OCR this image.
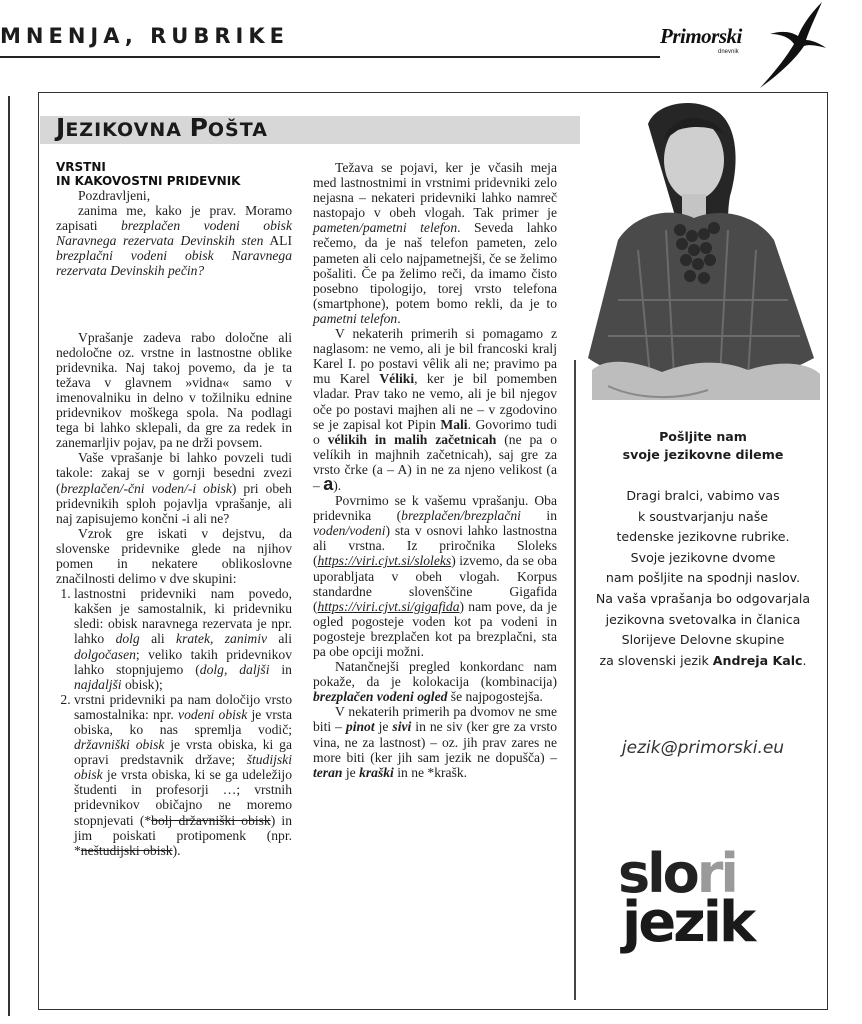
MNENJA, RUBRIKE	Primorski
dnevnik
JEZIKOVNA POŠTA
VRSTNI
IN KAKOVOSTNI PRIDEVNIK

Pozdravljeni,

zanima me, kako je prav. Moramo zapisati brezplačen vodeni obisk Naravnega rezervata Devinskih sten ALI brezplačni vodeni obisk Naravnega rezervata Devinskih pečin?

Vprašanje zadeva rabo določne ali nedoločne oz. vrstne in lastnostne oblike pridevnika. Naj takoj povemo, da je ta težava v glavnem »vidna« samo v imenovalniku in delno v tožilniku ednine pridevnikov moškega spola. Na podlagi tega bi lahko sklepali, da gre za redek in zanemarljiv pojav, pa ne drži povsem.

Vaše vprašanje bi lahko povzeli tudi takole: zakaj se v gornji besedni zvezi (brezplačen/-čni voden/-i obisk) pri obeh pridevnikih sploh pojavlja vprašanje, ali naj zapisujemo končni -i ali ne?

Vzrok gre iskati v dejstvu, da slovenske pridevnike glede na njihov pomen in nekatere oblikoslovne značilnosti delimo v dve skupini:

1. lastnostni pridevniki nam povedo, kakšen je samostalnik, ki pridevniku sledi: obisk naravnega rezervata je npr. lahko dolg ali kratek, zanimiv ali dolgočasen; veliko takih pridevnikov lahko stopnjujemo (dolg, daljši in najdaljši obisk);
2. vrstni pridevniki pa nam določijo vrsto samostalnika: npr. vodeni obisk je vrsta obiska, ko nas spremlja vodič; državniški obisk je vrsta obiska, ki ga opravi predstavnik države; študijski obisk je vrsta obiska, ki se ga udeležijo študenti in profesorji …; vrstnih pridevnikov običajno ne moremo stopnjevati (*bolj državniški obisk) in jim poiskati protipomenk (npr. *neštudijski obisk).

Težava se pojavi, ker je včasih meja med lastnostnimi in vrstnimi pridevniki zelo nejasna – nekateri pridevniki lahko namreč nastopajo v obeh vlogah. Tak primer je pameten/pametni telefon. Seveda lahko rečemo, da je naš telefon pameten, zelo pameten ali celo najpametnejši, če se želimo pošaliti. Če pa želimo reči, da imamo čisto posebno tipologijo, torej vrsto telefona (smartphone), potem bomo rekli, da je to pametni telefon.

V nekaterih primerih si pomagamo z naglasom: ne vemo, ali je bil francoski kralj Karel I. po postavi vêlik ali ne; pravimo pa mu Karel Véliki, ker je bil pomemben vladar. Prav tako ne vemo, ali je bil njegov oče po postavi majhen ali ne – v zgodovino se je zapisal kot Pipin Mali. Govorimo tudi o vélikih in malih začetnicah (ne pa o velíkih in majhnih začetnicah), saj gre za vrsto črke (a – A) in ne za njeno velikost (a – a).

Povrnimo se k vašemu vprašanju. Oba pridevnika (brezplačen/brezplačni in voden/vodeni) sta v osnovi lahko lastnostna ali vrstna. Iz priročnika Sloleks (https://viri.cjvt.si/sloleks) izvemo, da se oba uporabljata v obeh vlogah. Korpus standardne slovenščine Gigafida (https://viri.cjvt.si/gigafida) nam pove, da je ogled pogosteje voden kot pa vodeni in pogosteje brezplačen kot pa brezplačni, sta pa obe opciji možni.

Natančnejši pregled konkordanc nam pokaže, da je kolokacija (kombinacija) brezplačen vodeni ogled še najpogostejša.

V nekaterih primerih pa dvomov ne sme biti – pinot je sivi in ne siv (ker gre za vrsto vina, ne za lastnost) – oz. jih prav zares ne more biti (ker jih sam jezik ne dopušča) – teran je kraški in ne *krašk.

Pošljite nam
svoje jezikovne dileme
Dragi bralci, vabimo vas
k soustvarjanju naše
tedenske jezikovne rubrike.
Svoje jezikovne dvome
nam pošljite na spodnji naslov.
Na vaša vprašanja bo odgovarjala
jezikovna svetovalka in članica
Slorijeve Delovne skupine
za slovenski jezik Andreja Kalc.
jezik@primorski.eu
slori
jezik
